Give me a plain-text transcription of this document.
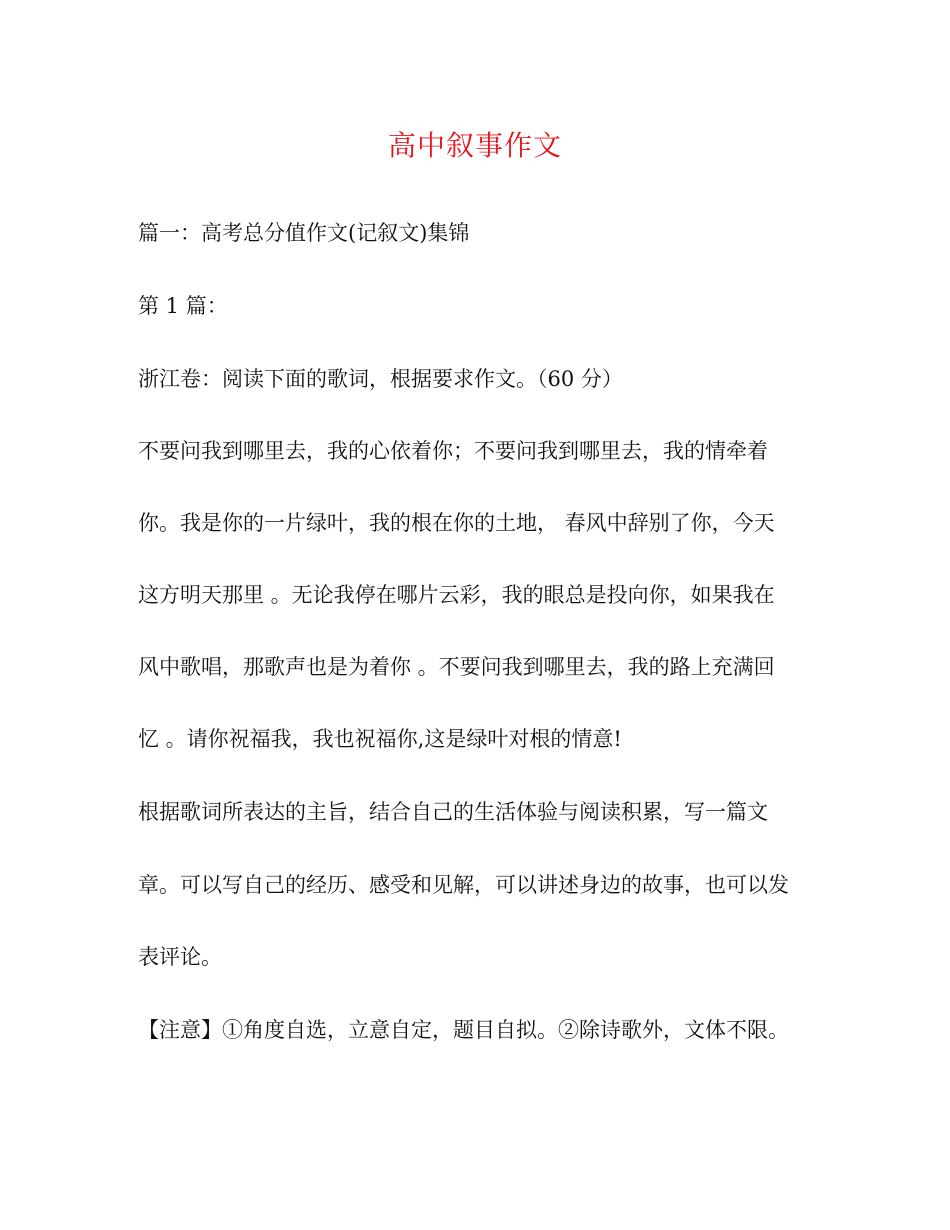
高中叙事作文
篇一：高考总分值作文(记叙文)集锦
第 1 篇：
浙江卷：阅读下面的歌词，根据要求作文。（60 分）
不要问我到哪里去，我的心依着你；不要问我到哪里去，我的情牵着
你。我是你的一片绿叶，我的根在你的土地， 春风中辞别了你，今天
这方明天那里 。无论我停在哪片云彩，我的眼总是投向你，如果我在
风中歌唱，那歌声也是为着你 。不要问我到哪里去，我的路上充满回
忆 。请你祝福我，我也祝福你,这是绿叶对根的情意!
根据歌词所表达的主旨，结合自己的生活体验与阅读积累，写一篇文
章。可以写自己的经历、感受和见解，可以讲述身边的故事，也可以发
表评论。
【注意】①角度自选，立意自定，题目自拟。②除诗歌外，文体不限。
